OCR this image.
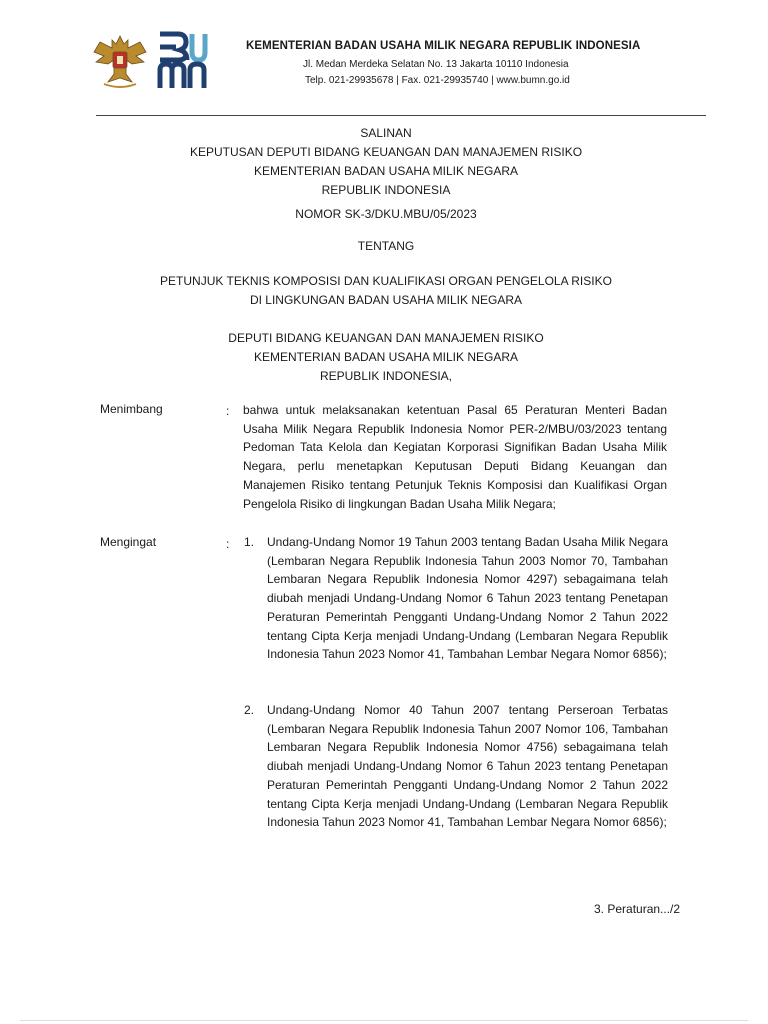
KEMENTERIAN BADAN USAHA MILIK NEGARA REPUBLIK INDONESIA
Jl. Medan Merdeka Selatan No. 13 Jakarta 10110 Indonesia
Telp. 021-29935678 | Fax. 021-29935740 | www.bumn.go.id
SALINAN
KEPUTUSAN DEPUTI BIDANG KEUANGAN DAN MANAJEMEN RISIKO
KEMENTERIAN BADAN USAHA MILIK NEGARA
REPUBLIK INDONESIA
NOMOR SK-3/DKU.MBU/05/2023
TENTANG
PETUNJUK TEKNIS KOMPOSISI DAN KUALIFIKASI ORGAN PENGELOLA RISIKO
DI LINGKUNGAN BADAN USAHA MILIK NEGARA
DEPUTI BIDANG KEUANGAN DAN MANAJEMEN RISIKO
KEMENTERIAN BADAN USAHA MILIK NEGARA
REPUBLIK INDONESIA,
Menimbang	: bahwa untuk melaksanakan ketentuan Pasal 65 Peraturan Menteri Badan Usaha Milik Negara Republik Indonesia Nomor PER-2/MBU/03/2023 tentang Pedoman Tata Kelola dan Kegiatan Korporasi Signifikan Badan Usaha Milik Negara, perlu menetapkan Keputusan Deputi Bidang Keuangan dan Manajemen Risiko tentang Petunjuk Teknis Komposisi dan Kualifikasi Organ Pengelola Risiko di lingkungan Badan Usaha Milik Negara;
Mengingat	: 1. Undang-Undang Nomor 19 Tahun 2003 tentang Badan Usaha Milik Negara (Lembaran Negara Republik Indonesia Tahun 2003 Nomor 70, Tambahan Lembaran Negara Republik Indonesia Nomor 4297) sebagaimana telah diubah menjadi Undang-Undang Nomor 6 Tahun 2023 tentang Penetapan Peraturan Pemerintah Pengganti Undang-Undang Nomor 2 Tahun 2022 tentang Cipta Kerja menjadi Undang-Undang (Lembaran Negara Republik Indonesia Tahun 2023 Nomor 41, Tambahan Lembar Negara Nomor 6856);
2. Undang-Undang Nomor 40 Tahun 2007 tentang Perseroan Terbatas (Lembaran Negara Republik Indonesia Tahun 2007 Nomor 106, Tambahan Lembaran Negara Republik Indonesia Nomor 4756) sebagaimana telah diubah menjadi Undang-Undang Nomor 6 Tahun 2023 tentang Penetapan Peraturan Pemerintah Pengganti Undang-Undang Nomor 2 Tahun 2022 tentang Cipta Kerja menjadi Undang-Undang (Lembaran Negara Republik Indonesia Tahun 2023 Nomor 41, Tambahan Lembar Negara Nomor 6856);
3. Peraturan.../2
